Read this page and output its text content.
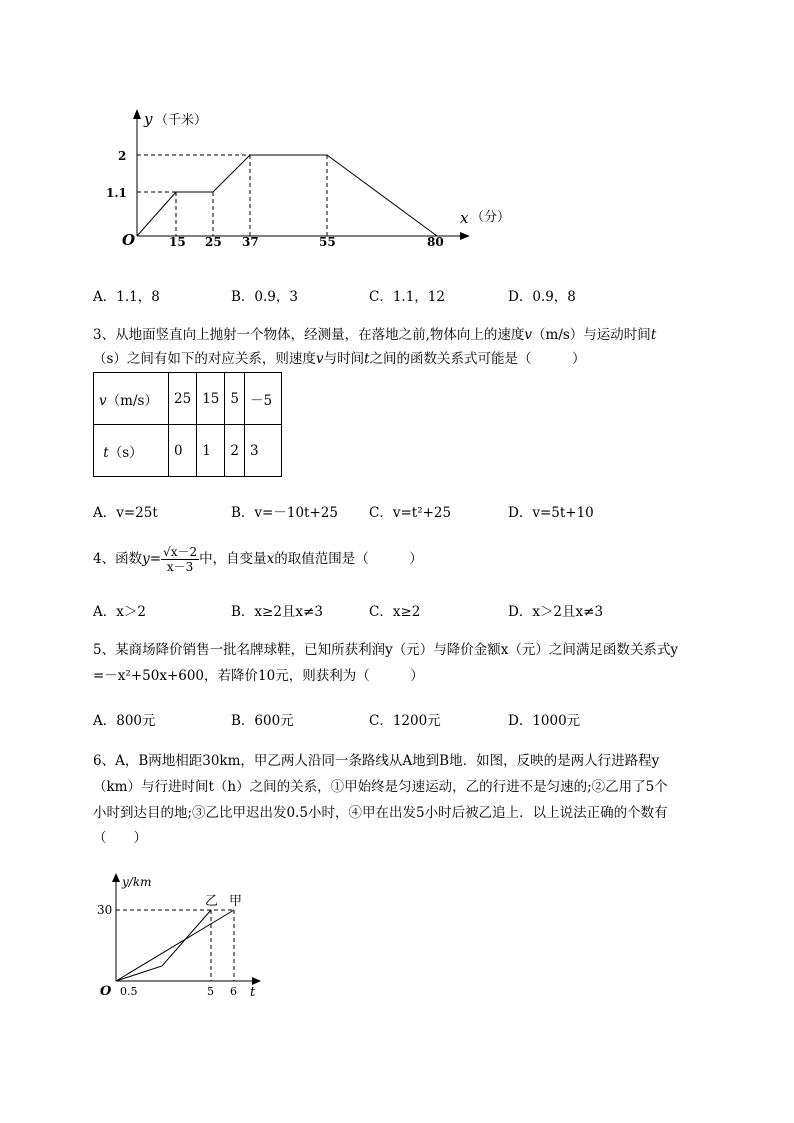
y （千米）
2
1.1
O	15 25 37	55	80
x （分）
A．1.1，8	B．0.9，3	C．1.1，12	D．0.9，8
3、从地面竖直向上抛射一个物体，经测量，在落地之前,物体向上的速度v（m/s）与运动时间t
（s）之间有如下的对应关系，则速度v与时间t之间的函数关系式可能是（　　　）
v（m/s）	25	15	5	－5
t（s）	0	1	2	3
A．v=25t	B．v=－10t+25 C．v=t²+25	D．v=5t+10
4、函数$y= \frac{√x-2}{x-3}$ 中，自变量x的取值范围是（　　　）
A．x＞2	B．x≥2且x≠3	C．x≥2	D．x＞2且x≠3
5、某商场降价销售一批名牌球鞋，已知所获利润y（元）与降价金额x（元）之间满足函数关系式y
=－x²+50x+600，若降价10元，则获利为（　　　）
A．800元	B．600元	C．1200元	D．1000元
6、A，B两地相距30km，甲乙两人沿同一条路线从A地到B地．如图，反映的是两人行进路程y
（km）与行进时间t（h）之间的关系，①甲始终是匀速运动，乙的行进不是匀速的;②乙用了5个
小时到达目的地;③乙比甲迟出发0.5小时，④甲在出发5小时后被乙追上．以上说法正确的个数有
（　　）
y/km
30
O 0.5	5 6 t
乙 甲
